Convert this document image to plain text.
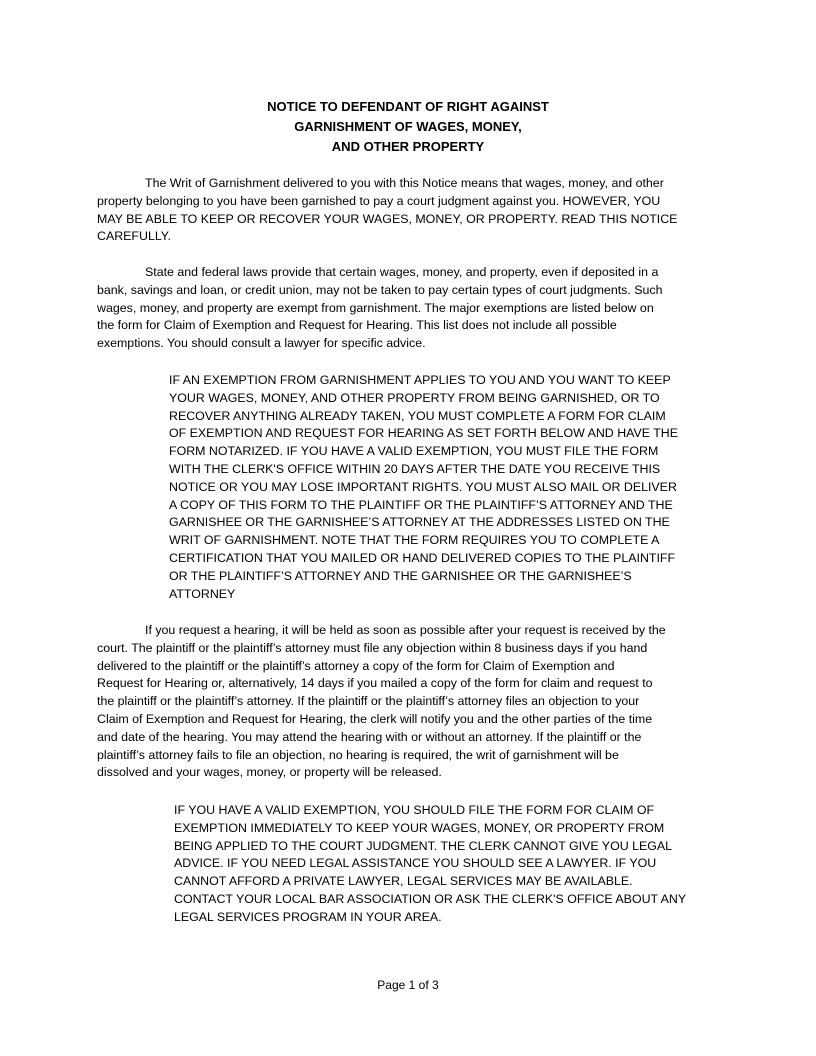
NOTICE TO DEFENDANT OF RIGHT AGAINST
GARNISHMENT OF WAGES, MONEY,
AND OTHER PROPERTY
The Writ of Garnishment delivered to you with this Notice means that wages, money, and other
property belonging to you have been garnished to pay a court judgment against you. HOWEVER, YOU
MAY BE ABLE TO KEEP OR RECOVER YOUR WAGES, MONEY, OR PROPERTY. READ THIS NOTICE
CAREFULLY.
State and federal laws provide that certain wages, money, and property, even if deposited in a
bank, savings and loan, or credit union, may not be taken to pay certain types of court judgments. Such
wages, money, and property are exempt from garnishment. The major exemptions are listed below on
the form for Claim of Exemption and Request for Hearing. This list does not include all possible
exemptions. You should consult a lawyer for specific advice.
IF AN EXEMPTION FROM GARNISHMENT APPLIES TO YOU AND YOU WANT TO KEEP
YOUR WAGES, MONEY, AND OTHER PROPERTY FROM BEING GARNISHED, OR TO
RECOVER ANYTHING ALREADY TAKEN, YOU MUST COMPLETE A FORM FOR CLAIM
OF EXEMPTION AND REQUEST FOR HEARING AS SET FORTH BELOW AND HAVE THE
FORM NOTARIZED. IF YOU HAVE A VALID EXEMPTION, YOU MUST FILE THE FORM
WITH THE CLERK'S OFFICE WITHIN 20 DAYS AFTER THE DATE YOU RECEIVE THIS
NOTICE OR YOU MAY LOSE IMPORTANT RIGHTS. YOU MUST ALSO MAIL OR DELIVER
A COPY OF THIS FORM TO THE PLAINTIFF OR THE PLAINTIFF’S ATTORNEY AND THE
GARNISHEE OR THE GARNISHEE’S ATTORNEY AT THE ADDRESSES LISTED ON THE
WRIT OF GARNISHMENT. NOTE THAT THE FORM REQUIRES YOU TO COMPLETE A
CERTIFICATION THAT YOU MAILED OR HAND DELIVERED COPIES TO THE PLAINTIFF
OR THE PLAINTIFF’S ATTORNEY AND THE GARNISHEE OR THE GARNISHEE’S
ATTORNEY
If you request a hearing, it will be held as soon as possible after your request is received by the
court. The plaintiff or the plaintiff’s attorney must file any objection within 8 business days if you hand
delivered to the plaintiff or the plaintiff’s attorney a copy of the form for Claim of Exemption and
Request for Hearing or, alternatively, 14 days if you mailed a copy of the form for claim and request to
the plaintiff or the plaintiff’s attorney. If the plaintiff or the plaintiff’s attorney files an objection to your
Claim of Exemption and Request for Hearing, the clerk will notify you and the other parties of the time
and date of the hearing. You may attend the hearing with or without an attorney. If the plaintiff or the
plaintiff’s attorney fails to file an objection, no hearing is required, the writ of garnishment will be
dissolved and your wages, money, or property will be released.
IF YOU HAVE A VALID EXEMPTION, YOU SHOULD FILE THE FORM FOR CLAIM OF
EXEMPTION IMMEDIATELY TO KEEP YOUR WAGES, MONEY, OR PROPERTY FROM
BEING APPLIED TO THE COURT JUDGMENT. THE CLERK CANNOT GIVE YOU LEGAL
ADVICE. IF YOU NEED LEGAL ASSISTANCE YOU SHOULD SEE A LAWYER. IF YOU
CANNOT AFFORD A PRIVATE LAWYER, LEGAL SERVICES MAY BE AVAILABLE.
CONTACT YOUR LOCAL BAR ASSOCIATION OR ASK THE CLERK'S OFFICE ABOUT ANY
LEGAL SERVICES PROGRAM IN YOUR AREA.
Page 1 of 3
